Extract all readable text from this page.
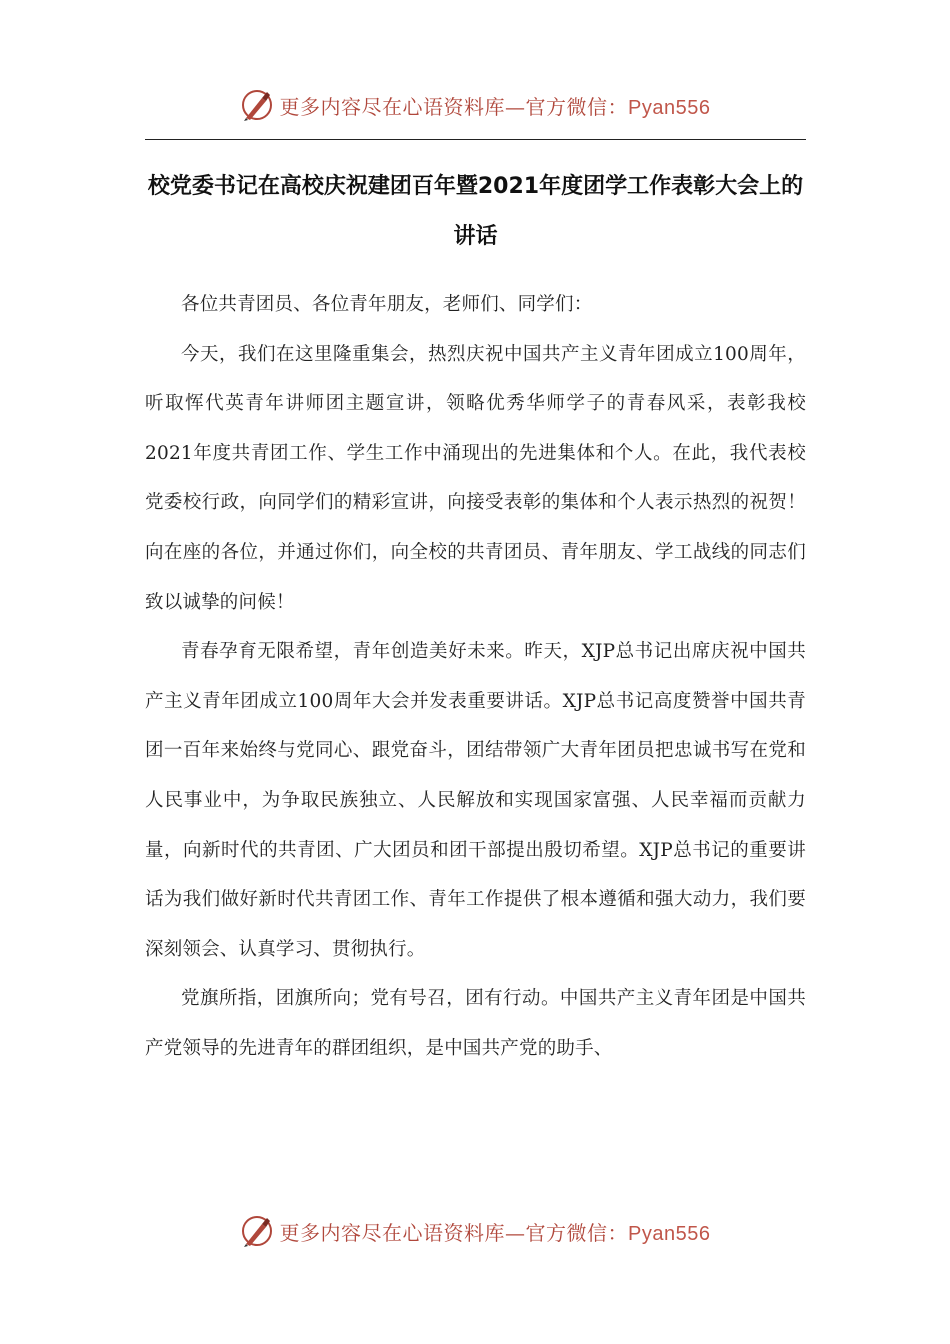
更多内容尽在心语资料库—官方微信：Pyan556
校党委书记在高校庆祝建团百年暨2021年度团学工作表彰大会上的讲话

各位共青团员、各位青年朋友，老师们、同学们：

今天，我们在这里隆重集会，热烈庆祝中国共产主义青年团成立100周年，听取恽代英青年讲师团主题宣讲，领略优秀华师学子的青春风采，表彰我校2021年度共青团工作、学生工作中涌现出的先进集体和个人。在此，我代表校党委校行政，向同学们的精彩宣讲，向接受表彰的集体和个人表示热烈的祝贺！向在座的各位，并通过你们，向全校的共青团员、青年朋友、学工战线的同志们致以诚挚的问候！

青春孕育无限希望，青年创造美好未来。昨天，XJP总书记出席庆祝中国共产主义青年团成立100周年大会并发表重要讲话。XJP总书记高度赞誉中国共青团一百年来始终与党同心、跟党奋斗，团结带领广大青年团员把忠诚书写在党和人民事业中，为争取民族独立、人民解放和实现国家富强、人民幸福而贡献力量，向新时代的共青团、广大团员和团干部提出殷切希望。XJP总书记的重要讲话为我们做好新时代共青团工作、青年工作提供了根本遵循和强大动力，我们要深刻领会、认真学习、贯彻执行。

党旗所指，团旗所向；党有号召，团有行动。中国共产主义青年团是中国共产党领导的先进青年的群团组织，是中国共产党的助手、

更多内容尽在心语资料库—官方微信：Pyan556
